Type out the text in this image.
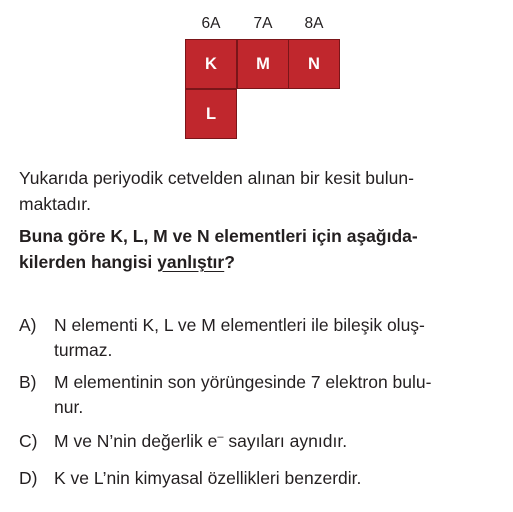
6A	7A	8A
K	M	N
L
Yukarıda periyodik cetvelden alınan bir kesit bulun-
maktadır.
Buna göre K, L, M ve N elementleri için aşağıda-
kilerden hangisi yanlıştır?
A) N elementi K, L ve M elementleri ile bileşik oluş-
turmaz.
B) M elementinin son yörüngesinde 7 elektron bulu-
nur.
C) M ve N’nin değerlik e– sayıları aynıdır.
D) K ve L’nin kimyasal özellikleri benzerdir.
